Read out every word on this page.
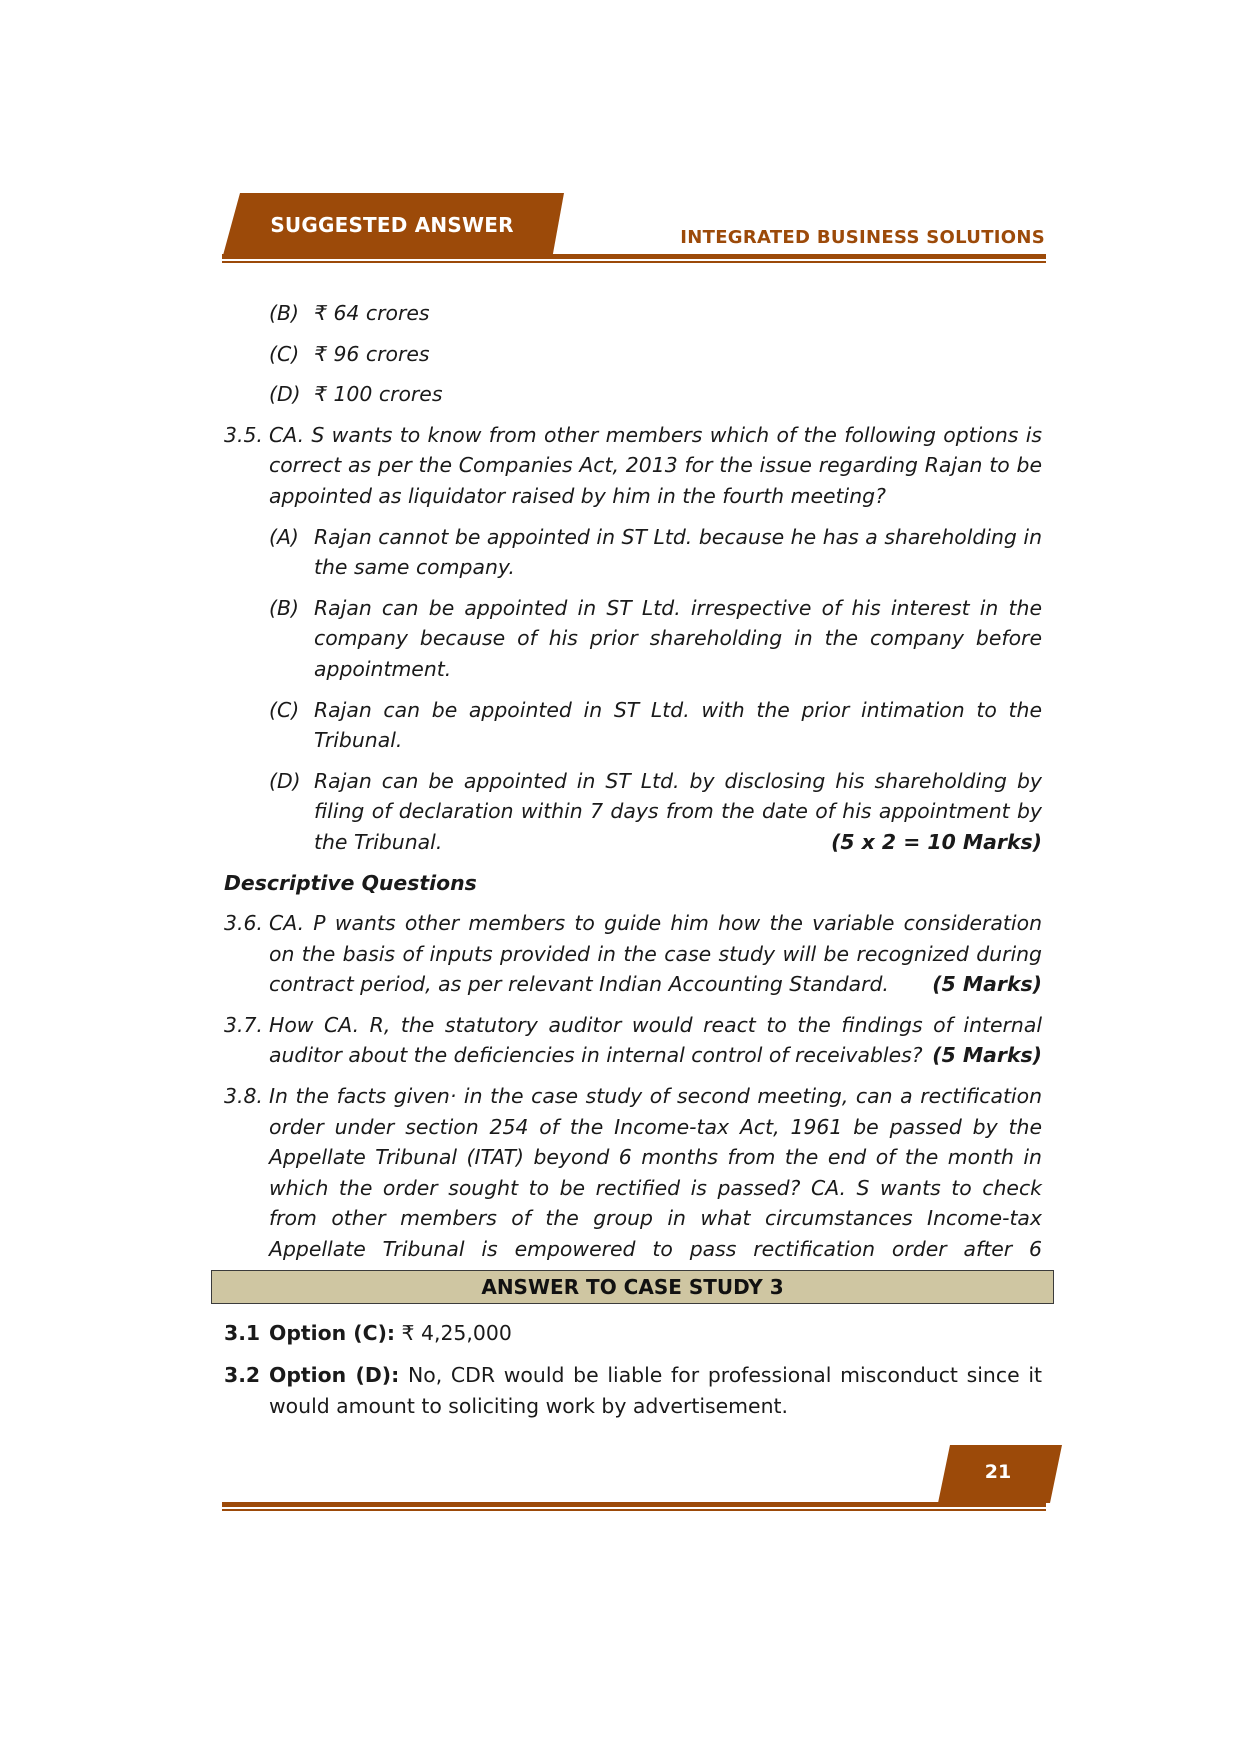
SUGGESTED ANSWER
INTEGRATED BUSINESS SOLUTIONS
(B) ₹ 64 crores
(C) ₹ 96 crores
(D) ₹ 100 crores
3.5. CA. S wants to know from other members which of the following options is correct as per the Companies Act, 2013 for the issue regarding Rajan to be appointed as liquidator raised by him in the fourth meeting?
(A) Rajan cannot be appointed in ST Ltd. because he has a shareholding in the same company.
(B) Rajan can be appointed in ST Ltd. irrespective of his interest in the company because of his prior shareholding in the company before appointment.
(C) Rajan can be appointed in ST Ltd. with the prior intimation to the Tribunal.
(D) Rajan can be appointed in ST Ltd. by disclosing his shareholding by filing of declaration within 7 days from the date of his appointment by the Tribunal.	(5 x 2 = 10 Marks)
Descriptive Questions
3.6. CA. P wants other members to guide him how the variable consideration on the basis of inputs provided in the case study will be recognized during contract period, as per relevant Indian Accounting Standard. (5 Marks)
3.7. How CA. R, the statutory auditor would react to the findings of internal auditor about the deficiencies in internal control of receivables? (5 Marks)
3.8. In the facts given· in the case study of second meeting, can a rectification order under section 254 of the Income-tax Act, 1961 be passed by the Appellate Tribunal (ITAT) beyond 6 months from the end of the month in which the order sought to be rectified is passed? CA. S wants to check from other members of the group in what circumstances Income-tax Appellate Tribunal is empowered to pass rectification order after 6
ANSWER TO CASE STUDY 3
3.1 Option (C): ₹ 4,25,000
3.2 Option (D): No, CDR would be liable for professional misconduct since it would amount to soliciting work by advertisement.
21
